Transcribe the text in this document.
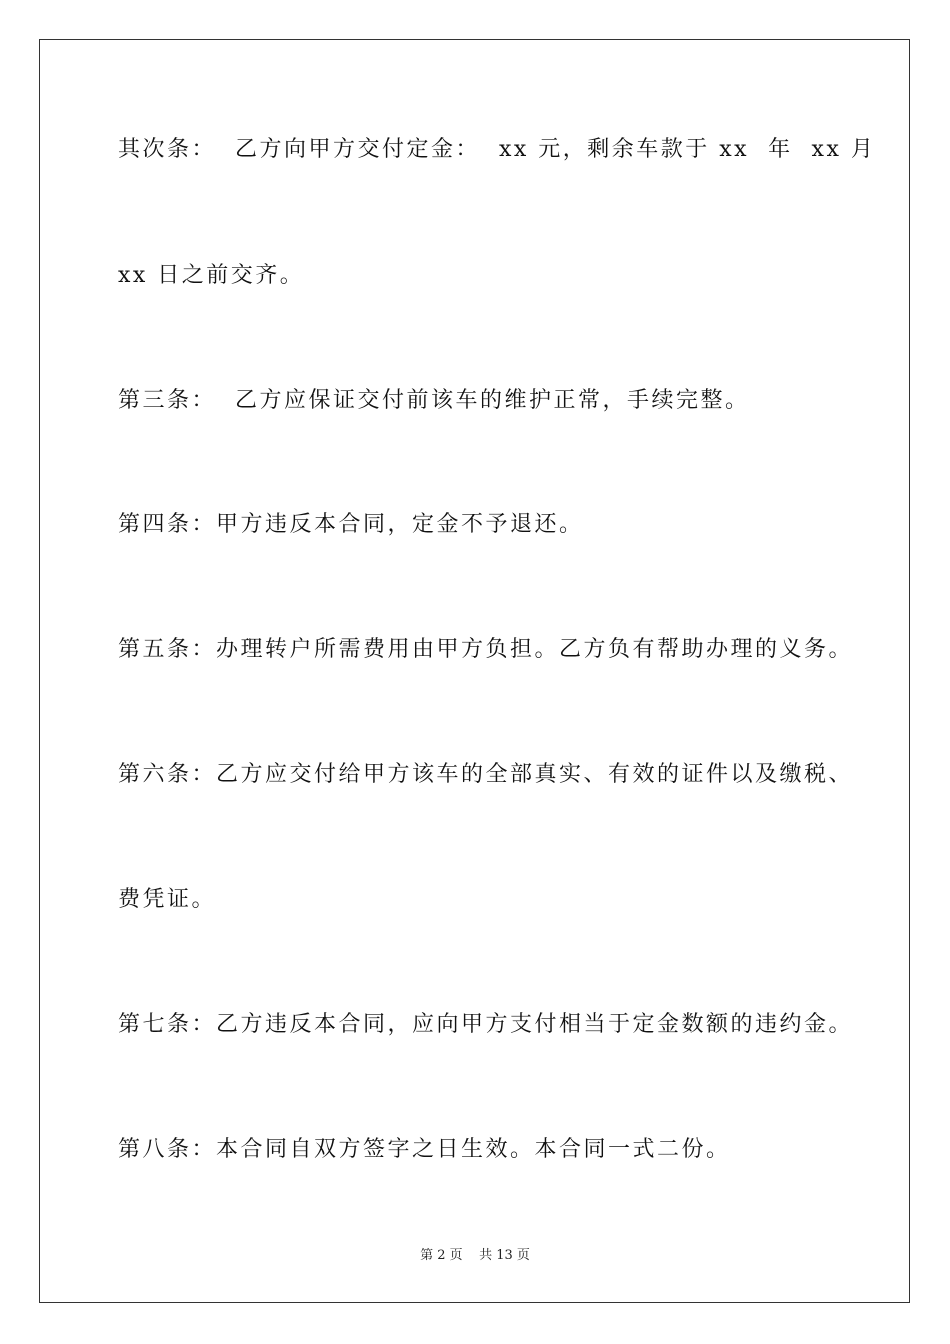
其次条：  乙方向甲方交付定金：  xx 元，剩余车款于 xx  年  xx 月
xx 日之前交齐。
第三条：  乙方应保证交付前该车的维护正常，手续完整。
第四条：甲方违反本合同，定金不予退还。
第五条：办理转户所需费用由甲方负担。乙方负有帮助办理的义务。
第六条：乙方应交付给甲方该车的全部真实、有效的证件以及缴税、
费凭证。
第七条：乙方违反本合同，应向甲方支付相当于定金数额的违约金。
第八条：本合同自双方签字之日生效。本合同一式二份。
第 2 页    共 13 页
